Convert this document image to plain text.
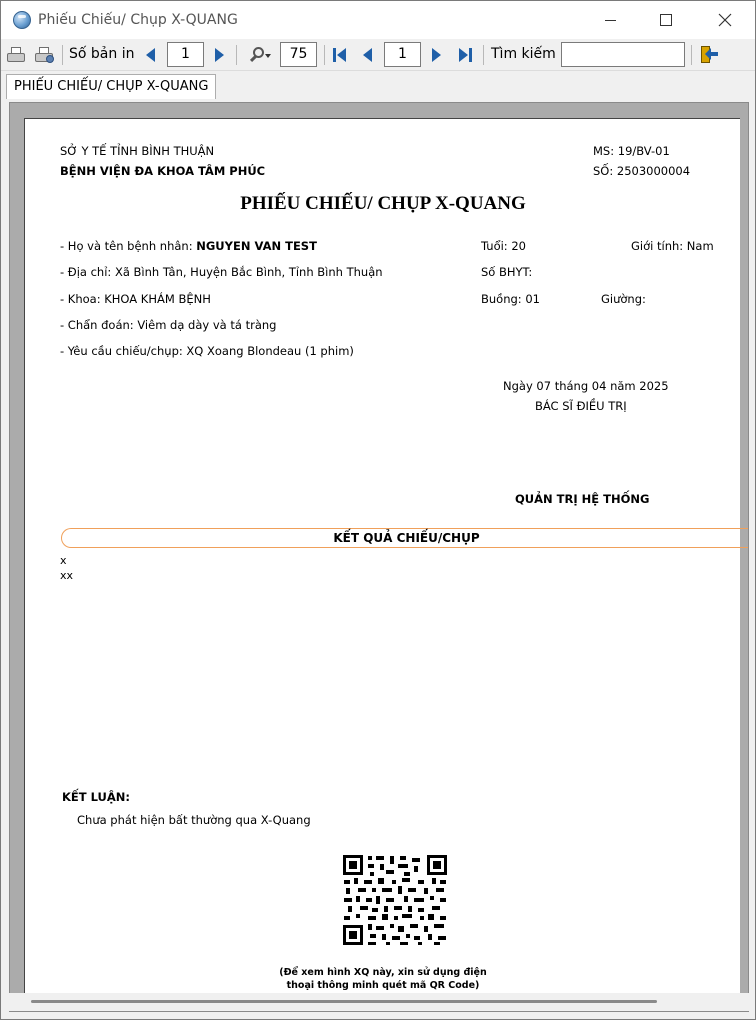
Phiếu Chiếu/ Chụp X-QUANG
Số bản in	1	75	1	Tìm kiếm
PHIẾU CHIẾU/ CHỤP X-QUANG
SỞ Y TẾ TỈNH BÌNH THUẬN
BỆNH VIỆN ĐA KHOA TÂM PHÚC
MS: 19/BV-01
SỐ: 2503000004
PHIẾU CHIẾU/ CHỤP X-QUANG
- Họ và tên bệnh nhân: NGUYEN VAN TEST	Tuổi: 20	Giới tính: Nam
- Địa chỉ: Xã Bình Tân, Huyện Bắc Bình, Tỉnh Bình Thuận	Số BHYT:
- Khoa: KHOA KHÁM BỆNH	Buồng: 01	Giường:
- Chẩn đoán: Viêm dạ dày và tá tràng
- Yêu cầu chiếu/chụp: XQ Xoang Blondeau (1 phim)
Ngày 07 tháng 04 năm 2025
BÁC SĨ ĐIỀU TRỊ
QUẢN TRỊ HỆ THỐNG
KẾT QUẢ CHIẾU/CHỤP
x
xx
KẾT LUẬN:
Chưa phát hiện bất thường qua X-Quang
(Để xem hình XQ này, xin sử dụng điện
thoại thông minh quét mã QR Code)
